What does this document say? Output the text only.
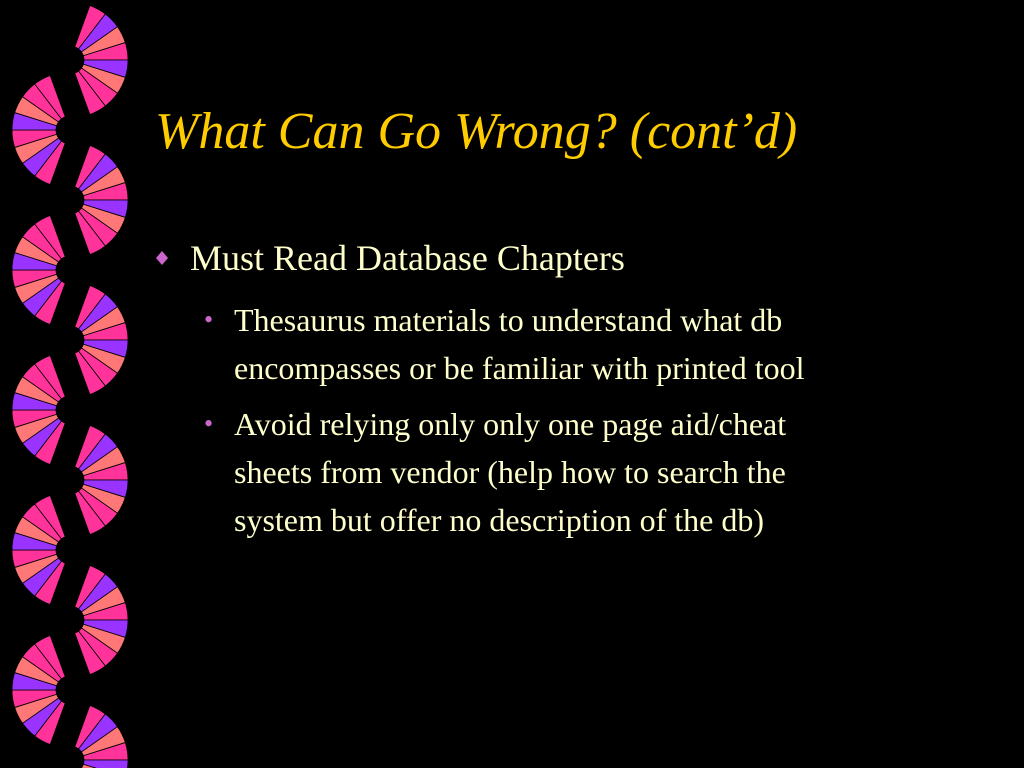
What Can Go Wrong? (cont’d)
Must Read Database Chapters
• Thesaurus materials to understand what db
encompasses or be familiar with printed tool
• Avoid relying only only one page aid/cheat
sheets from vendor (help how to search the
system but offer no description of the db)
